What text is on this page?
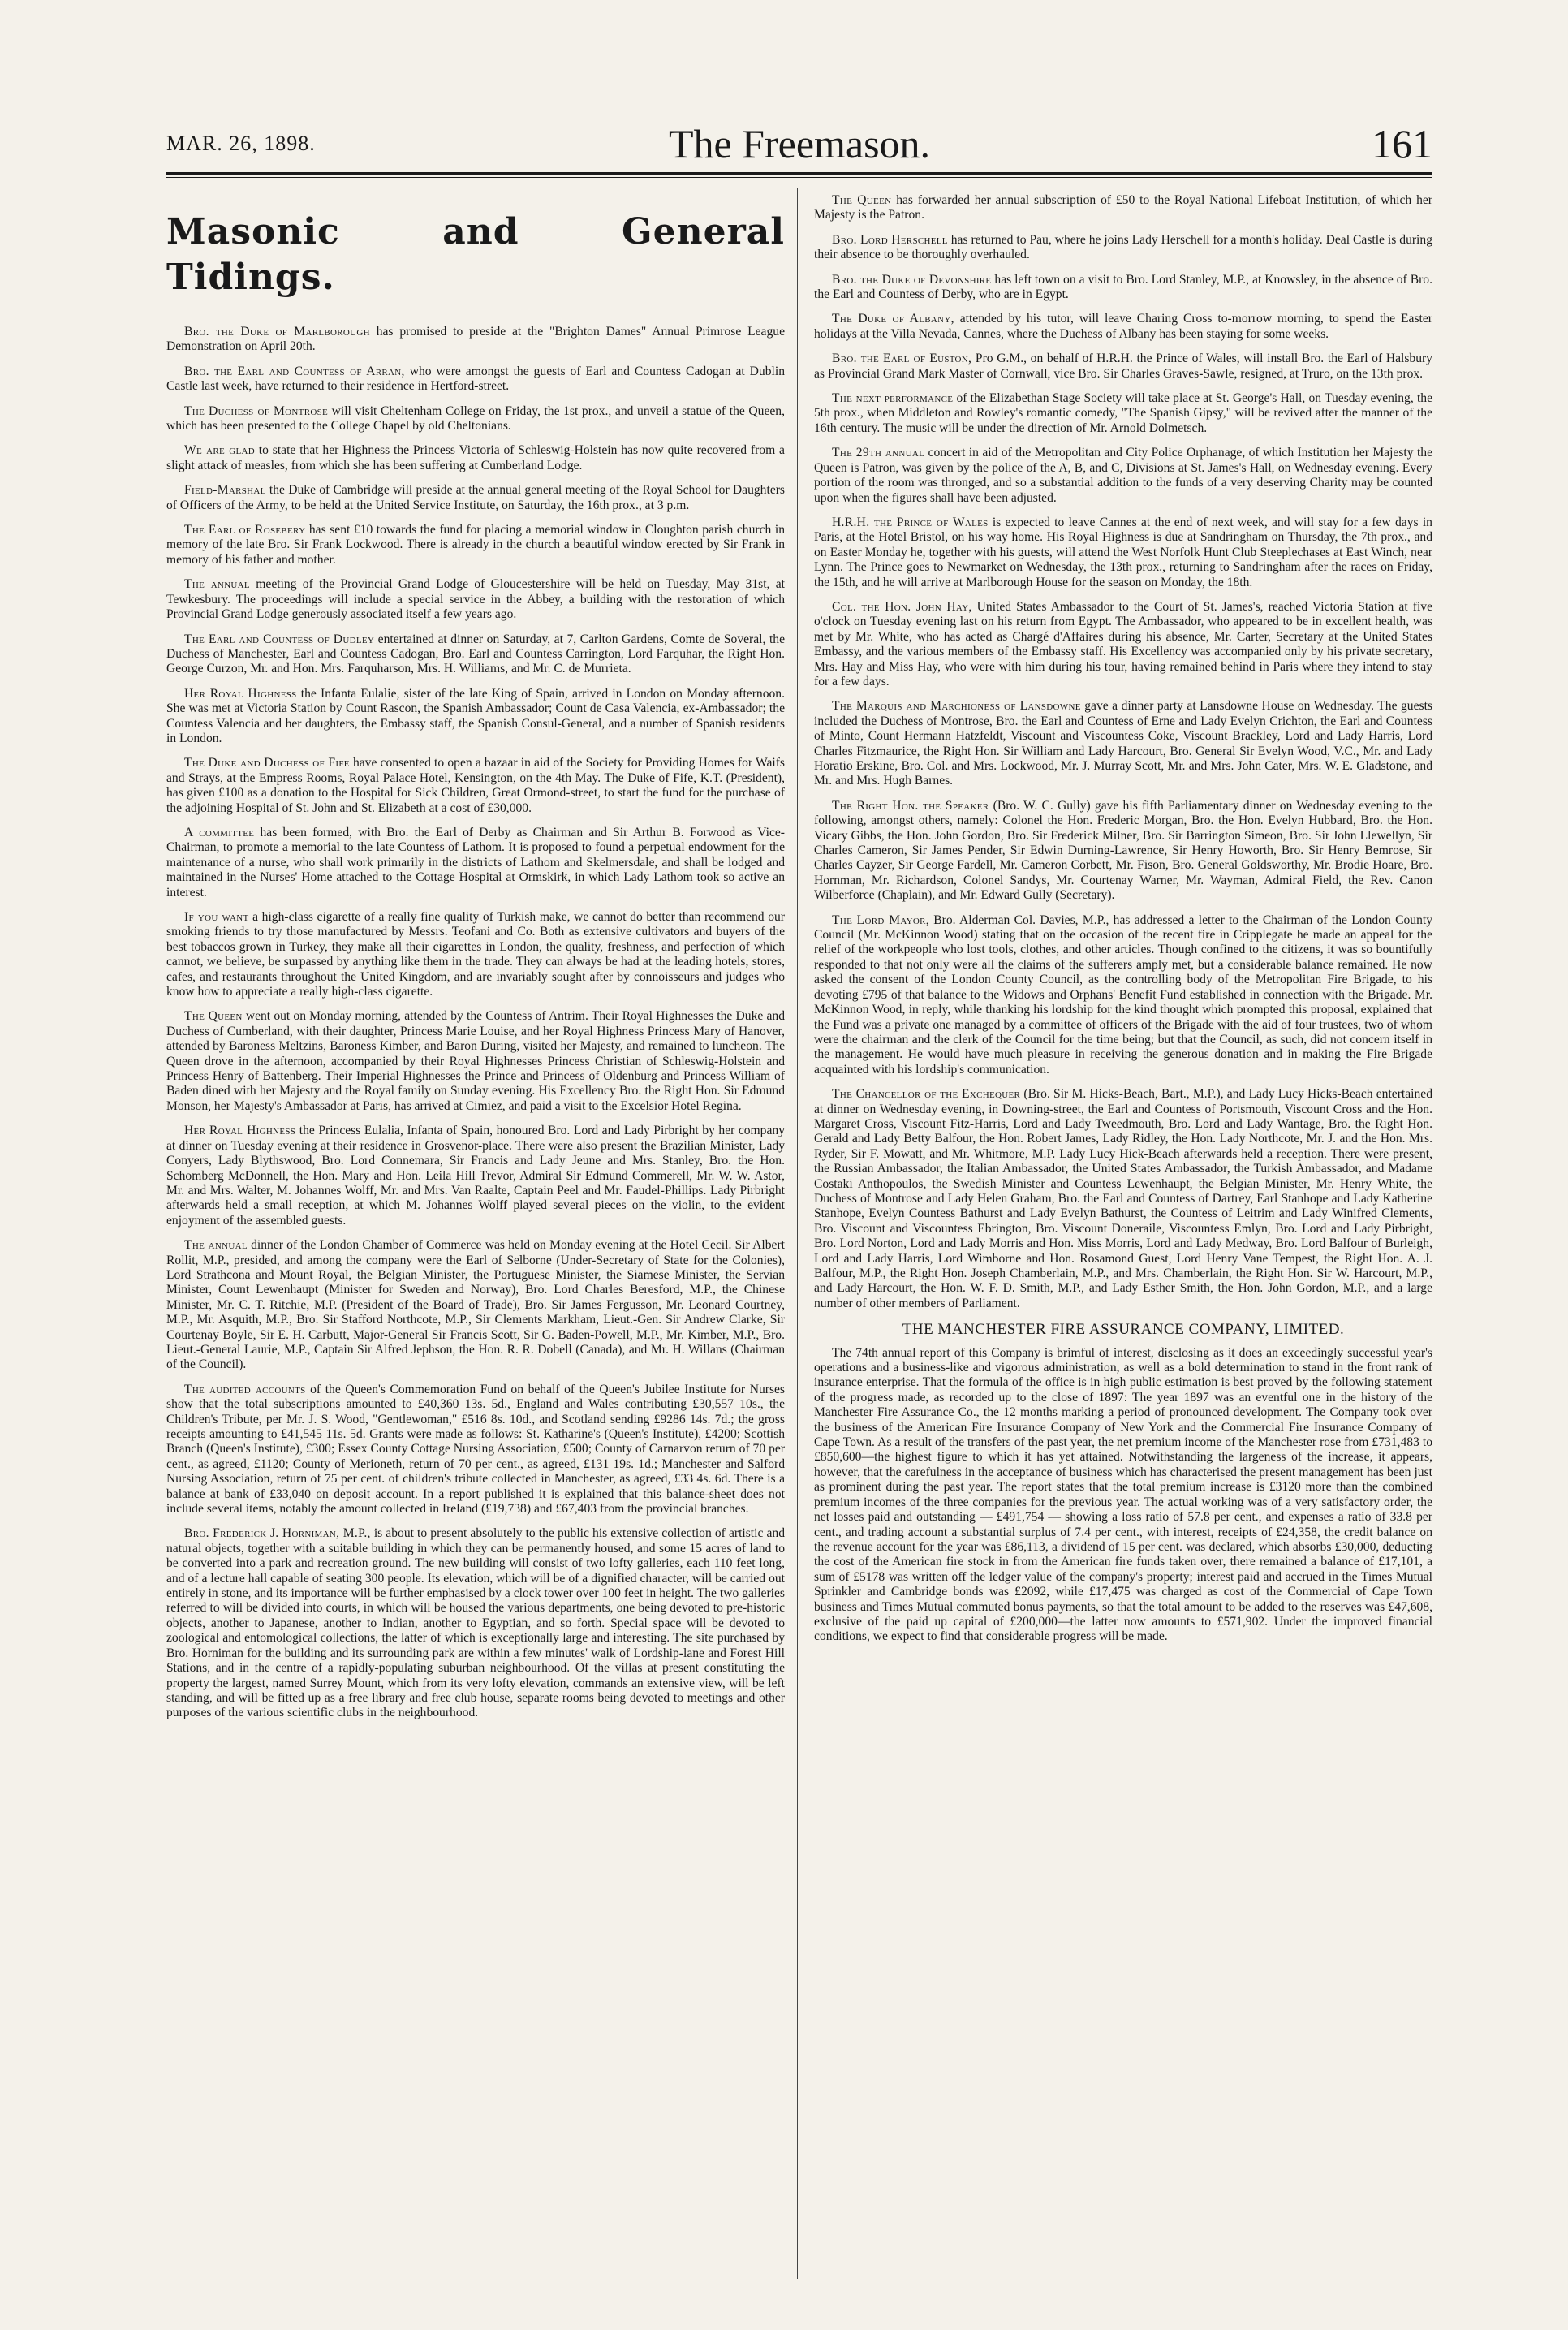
MAR. 26, 1898.	The Freemason.	161
Masonic and General Tidings.

Bro. the Duke of Marlborough has promised to preside at the "Brighton Dames" Annual Primrose League Demonstration on April 20th.

Bro. the Earl and Countess of Arran, who were amongst the guests of Earl and Countess Cadogan at Dublin Castle last week, have returned to their residence in Hertford-street.

The Duchess of Montrose will visit Cheltenham College on Friday, the 1st prox., and unveil a statue of the Queen, which has been presented to the College Chapel by old Cheltonians.

We are glad to state that her Highness the Princess Victoria of Schleswig-Holstein has now quite recovered from a slight attack of measles, from which she has been suffering at Cumberland Lodge.

Field-Marshal the Duke of Cambridge will preside at the annual general meeting of the Royal School for Daughters of Officers of the Army, to be held at the United Service Institute, on Saturday, the 16th prox., at 3 p.m.

The Earl of Rosebery has sent £10 towards the fund for placing a memorial window in Cloughton parish church in memory of the late Bro. Sir Frank Lockwood. There is already in the church a beautiful window erected by Sir Frank in memory of his father and mother.

The annual meeting of the Provincial Grand Lodge of Gloucestershire will be held on Tuesday, May 31st, at Tewkesbury. The proceedings will include a special service in the Abbey, a building with the restoration of which Provincial Grand Lodge generously associated itself a few years ago.

The Earl and Countess of Dudley entertained at dinner on Saturday, at 7, Carlton Gardens, Comte de Soveral, the Duchess of Manchester, Earl and Countess Cadogan, Bro. Earl and Countess Carrington, Lord Farquhar, the Right Hon. George Curzon, Mr. and Hon. Mrs. Farquharson, Mrs. H. Williams, and Mr. C. de Murrieta.

Her Royal Highness the Infanta Eulalie, sister of the late King of Spain, arrived in London on Monday afternoon. She was met at Victoria Station by Count Rascon, the Spanish Ambassador; Count de Casa Valencia, ex-Ambassador; the Countess Valencia and her daughters, the Embassy staff, the Spanish Consul-General, and a number of Spanish residents in London.

The Duke and Duchess of Fife have consented to open a bazaar in aid of the Society for Providing Homes for Waifs and Strays, at the Empress Rooms, Royal Palace Hotel, Kensington, on the 4th May. The Duke of Fife, K.T. (President), has given £100 as a donation to the Hospital for Sick Children, Great Ormond-street, to start the fund for the purchase of the adjoining Hospital of St. John and St. Elizabeth at a cost of £30,000.

A committee has been formed, with Bro. the Earl of Derby as Chairman and Sir Arthur B. Forwood as Vice-Chairman, to promote a memorial to the late Countess of Lathom. It is proposed to found a perpetual endowment for the maintenance of a nurse, who shall work primarily in the districts of Lathom and Skelmersdale, and shall be lodged and maintained in the Nurses' Home attached to the Cottage Hospital at Ormskirk, in which Lady Lathom took so active an interest.

If you want a high-class cigarette of a really fine quality of Turkish make, we cannot do better than recommend our smoking friends to try those manufactured by Messrs. Teofani and Co. Both as extensive cultivators and buyers of the best tobaccos grown in Turkey, they make all their cigarettes in London, the quality, freshness, and perfection of which cannot, we believe, be surpassed by anything like them in the trade. They can always be had at the leading hotels, stores, cafes, and restaurants throughout the United Kingdom, and are invariably sought after by connoisseurs and judges who know how to appreciate a really high-class cigarette.

The Queen went out on Monday morning, attended by the Countess of Antrim. Their Royal Highnesses the Duke and Duchess of Cumberland, with their daughter, Princess Marie Louise, and her Royal Highness Princess Mary of Hanover, attended by Baroness Meltzins, Baroness Kimber, and Baron During, visited her Majesty, and remained to luncheon. The Queen drove in the afternoon, accompanied by their Royal Highnesses Princess Christian of Schleswig-Holstein and Princess Henry of Battenberg. Their Imperial Highnesses the Prince and Princess of Oldenburg and Princess William of Baden dined with her Majesty and the Royal family on Sunday evening. His Excellency Bro. the Right Hon. Sir Edmund Monson, her Majesty's Ambassador at Paris, has arrived at Cimiez, and paid a visit to the Excelsior Hotel Regina.

Her Royal Highness the Princess Eulalia, Infanta of Spain, honoured Bro. Lord and Lady Pirbright by her company at dinner on Tuesday evening at their residence in Grosvenor-place. There were also present the Brazilian Minister, Lady Conyers, Lady Blythswood, Bro. Lord Connemara, Sir Francis and Lady Jeune and Mrs. Stanley, Bro. the Hon. Schomberg McDonnell, the Hon. Mary and Hon. Leila Hill Trevor, Admiral Sir Edmund Commerell, Mr. W. W. Astor, Mr. and Mrs. Walter, M. Johannes Wolff, Mr. and Mrs. Van Raalte, Captain Peel and Mr. Faudel-Phillips. Lady Pirbright afterwards held a small reception, at which M. Johannes Wolff played several pieces on the violin, to the evident enjoyment of the assembled guests.

The annual dinner of the London Chamber of Commerce was held on Monday evening at the Hotel Cecil. Sir Albert Rollit, M.P., presided, and among the company were the Earl of Selborne (Under-Secretary of State for the Colonies), Lord Strathcona and Mount Royal, the Belgian Minister, the Portuguese Minister, the Siamese Minister, the Servian Minister, Count Lewenhaupt (Minister for Sweden and Norway), Bro. Lord Charles Beresford, M.P., the Chinese Minister, Mr. C. T. Ritchie, M.P. (President of the Board of Trade), Bro. Sir James Fergusson, Mr. Leonard Courtney, M.P., Mr. Asquith, M.P., Bro. Sir Stafford Northcote, M.P., Sir Clements Markham, Lieut.-Gen. Sir Andrew Clarke, Sir Courtenay Boyle, Sir E. H. Carbutt, Major-General Sir Francis Scott, Sir G. Baden-Powell, M.P., Mr. Kimber, M.P., Bro. Lieut.-General Laurie, M.P., Captain Sir Alfred Jephson, the Hon. R. R. Dobell (Canada), and Mr. H. Willans (Chairman of the Council).

The audited accounts of the Queen's Commemoration Fund on behalf of the Queen's Jubilee Institute for Nurses show that the total subscriptions amounted to £40,360 13s. 5d., England and Wales contributing £30,557 10s., the Children's Tribute, per Mr. J. S. Wood, "Gentlewoman," £516 8s. 10d., and Scotland sending £9286 14s. 7d.; the gross receipts amounting to £41,545 11s. 5d. Grants were made as follows: St. Katharine's (Queen's Institute), £4200; Scottish Branch (Queen's Institute), £300; Essex County Cottage Nursing Association, £500; County of Carnarvon return of 70 per cent., as agreed, £1120; County of Merioneth, return of 70 per cent., as agreed, £131 19s. 1d.; Manchester and Salford Nursing Association, return of 75 per cent. of children's tribute collected in Manchester, as agreed, £33 4s. 6d. There is a balance at bank of £33,040 on deposit account. In a report published it is explained that this balance-sheet does not include several items, notably the amount collected in Ireland (£19,738) and £67,403 from the provincial branches.

Bro. Frederick J. Horniman, M.P., is about to present absolutely to the public his extensive collection of artistic and natural objects, together with a suitable building in which they can be permanently housed, and some 15 acres of land to be converted into a park and recreation ground. The new building will consist of two lofty galleries, each 110 feet long, and of a lecture hall capable of seating 300 people. Its elevation, which will be of a dignified character, will be carried out entirely in stone, and its importance will be further emphasised by a clock tower over 100 feet in height. The two galleries referred to will be divided into courts, in which will be housed the various departments, one being devoted to pre-historic objects, another to Japanese, another to Indian, another to Egyptian, and so forth. Special space will be devoted to zoological and entomological collections, the latter of which is exceptionally large and interesting. The site purchased by Bro. Horniman for the building and its surrounding park are within a few minutes' walk of Lordship-lane and Forest Hill Stations, and in the centre of a rapidly-populating suburban neighbourhood. Of the villas at present constituting the property the largest, named Surrey Mount, which from its very lofty elevation, commands an extensive view, will be left standing, and will be fitted up as a free library and free club house, separate rooms being devoted to meetings and other purposes of the various scientific clubs in the neighbourhood.

The Queen has forwarded her annual subscription of £50 to the Royal National Lifeboat Institution, of which her Majesty is the Patron.

Bro. Lord Herschell has returned to Pau, where he joins Lady Herschell for a month's holiday. Deal Castle is during their absence to be thoroughly overhauled.

Bro. the Duke of Devonshire has left town on a visit to Bro. Lord Stanley, M.P., at Knowsley, in the absence of Bro. the Earl and Countess of Derby, who are in Egypt.

The Duke of Albany, attended by his tutor, will leave Charing Cross to-morrow morning, to spend the Easter holidays at the Villa Nevada, Cannes, where the Duchess of Albany has been staying for some weeks.

Bro. the Earl of Euston, Pro G.M., on behalf of H.R.H. the Prince of Wales, will install Bro. the Earl of Halsbury as Provincial Grand Mark Master of Cornwall, vice Bro. Sir Charles Graves-Sawle, resigned, at Truro, on the 13th prox.

The next performance of the Elizabethan Stage Society will take place at St. George's Hall, on Tuesday evening, the 5th prox., when Middleton and Rowley's romantic comedy, "The Spanish Gipsy," will be revived after the manner of the 16th century. The music will be under the direction of Mr. Arnold Dolmetsch.

The 29th annual concert in aid of the Metropolitan and City Police Orphanage, of which Institution her Majesty the Queen is Patron, was given by the police of the A, B, and C, Divisions at St. James's Hall, on Wednesday evening. Every portion of the room was thronged, and so a substantial addition to the funds of a very deserving Charity may be counted upon when the figures shall have been adjusted.

H.R.H. the Prince of Wales is expected to leave Cannes at the end of next week, and will stay for a few days in Paris, at the Hotel Bristol, on his way home. His Royal Highness is due at Sandringham on Thursday, the 7th prox., and on Easter Monday he, together with his guests, will attend the West Norfolk Hunt Club Steeplechases at East Winch, near Lynn. The Prince goes to Newmarket on Wednesday, the 13th prox., returning to Sandringham after the races on Friday, the 15th, and he will arrive at Marlborough House for the season on Monday, the 18th.

Col. the Hon. John Hay, United States Ambassador to the Court of St. James's, reached Victoria Station at five o'clock on Tuesday evening last on his return from Egypt. The Ambassador, who appeared to be in excellent health, was met by Mr. White, who has acted as Chargé d'Affaires during his absence, Mr. Carter, Secretary at the United States Embassy, and the various members of the Embassy staff. His Excellency was accompanied only by his private secretary, Mrs. Hay and Miss Hay, who were with him during his tour, having remained behind in Paris where they intend to stay for a few days.

The Marquis and Marchioness of Lansdowne gave a dinner party at Lansdowne House on Wednesday. The guests included the Duchess of Montrose, Bro. the Earl and Countess of Erne and Lady Evelyn Crichton, the Earl and Countess of Minto, Count Hermann Hatzfeldt, Viscount and Viscountess Coke, Viscount Brackley, Lord and Lady Harris, Lord Charles Fitzmaurice, the Right Hon. Sir William and Lady Harcourt, Bro. General Sir Evelyn Wood, V.C., Mr. and Lady Horatio Erskine, Bro. Col. and Mrs. Lockwood, Mr. J. Murray Scott, Mr. and Mrs. John Cater, Mrs. W. E. Gladstone, and Mr. and Mrs. Hugh Barnes.

The Right Hon. the Speaker (Bro. W. C. Gully) gave his fifth Parliamentary dinner on Wednesday evening to the following, amongst others, namely: Colonel the Hon. Frederic Morgan, Bro. the Hon. Evelyn Hubbard, Bro. the Hon. Vicary Gibbs, the Hon. John Gordon, Bro. Sir Frederick Milner, Bro. Sir Barrington Simeon, Bro. Sir John Llewellyn, Sir Charles Cameron, Sir James Pender, Sir Edwin Durning-Lawrence, Sir Henry Howorth, Bro. Sir Henry Bemrose, Sir Charles Cayzer, Sir George Fardell, Mr. Cameron Corbett, Mr. Fison, Bro. General Goldsworthy, Mr. Brodie Hoare, Bro. Hornman, Mr. Richardson, Colonel Sandys, Mr. Courtenay Warner, Mr. Wayman, Admiral Field, the Rev. Canon Wilberforce (Chaplain), and Mr. Edward Gully (Secretary).

The Lord Mayor, Bro. Alderman Col. Davies, M.P., has addressed a letter to the Chairman of the London County Council (Mr. McKinnon Wood) stating that on the occasion of the recent fire in Cripplegate he made an appeal for the relief of the workpeople who lost tools, clothes, and other articles. Though confined to the citizens, it was so bountifully responded to that not only were all the claims of the sufferers amply met, but a considerable balance remained. He now asked the consent of the London County Council, as the controlling body of the Metropolitan Fire Brigade, to his devoting £795 of that balance to the Widows and Orphans' Benefit Fund established in connection with the Brigade. Mr. McKinnon Wood, in reply, while thanking his lordship for the kind thought which prompted this proposal, explained that the Fund was a private one managed by a committee of officers of the Brigade with the aid of four trustees, two of whom were the chairman and the clerk of the Council for the time being; but that the Council, as such, did not concern itself in the management. He would have much pleasure in receiving the generous donation and in making the Fire Brigade acquainted with his lordship's communication.

The Chancellor of the Exchequer (Bro. Sir M. Hicks-Beach, Bart., M.P.), and Lady Lucy Hicks-Beach entertained at dinner on Wednesday evening, in Downing-street, the Earl and Countess of Portsmouth, Viscount Cross and the Hon. Margaret Cross, Viscount Fitz-Harris, Lord and Lady Tweedmouth, Bro. Lord and Lady Wantage, Bro. the Right Hon. Gerald and Lady Betty Balfour, the Hon. Robert James, Lady Ridley, the Hon. Lady Northcote, Mr. J. and the Hon. Mrs. Ryder, Sir F. Mowatt, and Mr. Whitmore, M.P. Lady Lucy Hick-Beach afterwards held a reception. There were present, the Russian Ambassador, the Italian Ambassador, the United States Ambassador, the Turkish Ambassador, and Madame Costaki Anthopoulos, the Swedish Minister and Countess Lewenhaupt, the Belgian Minister, Mr. Henry White, the Duchess of Montrose and Lady Helen Graham, Bro. the Earl and Countess of Dartrey, Earl Stanhope and Lady Katherine Stanhope, Evelyn Countess Bathurst and Lady Evelyn Bathurst, the Countess of Leitrim and Lady Winifred Clements, Bro. Viscount and Viscountess Ebrington, Bro. Viscount Doneraile, Viscountess Emlyn, Bro. Lord and Lady Pirbright, Bro. Lord Norton, Lord and Lady Morris and Hon. Miss Morris, Lord and Lady Medway, Bro. Lord Balfour of Burleigh, Lord and Lady Harris, Lord Wimborne and Hon. Rosamond Guest, Lord Henry Vane Tempest, the Right Hon. A. J. Balfour, M.P., the Right Hon. Joseph Chamberlain, M.P., and Mrs. Chamberlain, the Right Hon. Sir W. Harcourt, M.P., and Lady Harcourt, the Hon. W. F. D. Smith, M.P., and Lady Esther Smith, the Hon. John Gordon, M.P., and a large number of other members of Parliament.

THE MANCHESTER FIRE ASSURANCE COMPANY, LIMITED.

The 74th annual report of this Company is brimful of interest, disclosing as it does an exceedingly successful year's operations and a business-like and vigorous administration, as well as a bold determination to stand in the front rank of insurance enterprise. That the formula of the office is in high public estimation is best proved by the following statement of the progress made, as recorded up to the close of 1897: The year 1897 was an eventful one in the history of the Manchester Fire Assurance Co., the 12 months marking a period of pronounced development. The Company took over the business of the American Fire Insurance Company of New York and the Commercial Fire Insurance Company of Cape Town. As a result of the transfers of the past year, the net premium income of the Manchester rose from £731,483 to £850,600—the highest figure to which it has yet attained. Notwithstanding the largeness of the increase, it appears, however, that the carefulness in the acceptance of business which has characterised the present management has been just as prominent during the past year. The report states that the total premium increase is £3120 more than the combined premium incomes of the three companies for the previous year. The actual working was of a very satisfactory order, the net losses paid and outstanding — £491,754 — showing a loss ratio of 57.8 per cent., and expenses a ratio of 33.8 per cent., and trading account a substantial surplus of 7.4 per cent., with interest, receipts of £24,358, the credit balance on the revenue account for the year was £86,113, a dividend of 15 per cent. was declared, which absorbs £30,000, deducting the cost of the American fire stock in from the American fire funds taken over, there remained a balance of £17,101, a sum of £5178 was written off the ledger value of the company's property; interest paid and accrued in the Times Mutual Sprinkler and Cambridge bonds was £2092, while £17,475 was charged as cost of the Commercial of Cape Town business and Times Mutual commuted bonus payments, so that the total amount to be added to the reserves was £47,608, exclusive of the paid up capital of £200,000—the latter now amounts to £571,902. Under the improved financial conditions, we expect to find that considerable progress will be made.
